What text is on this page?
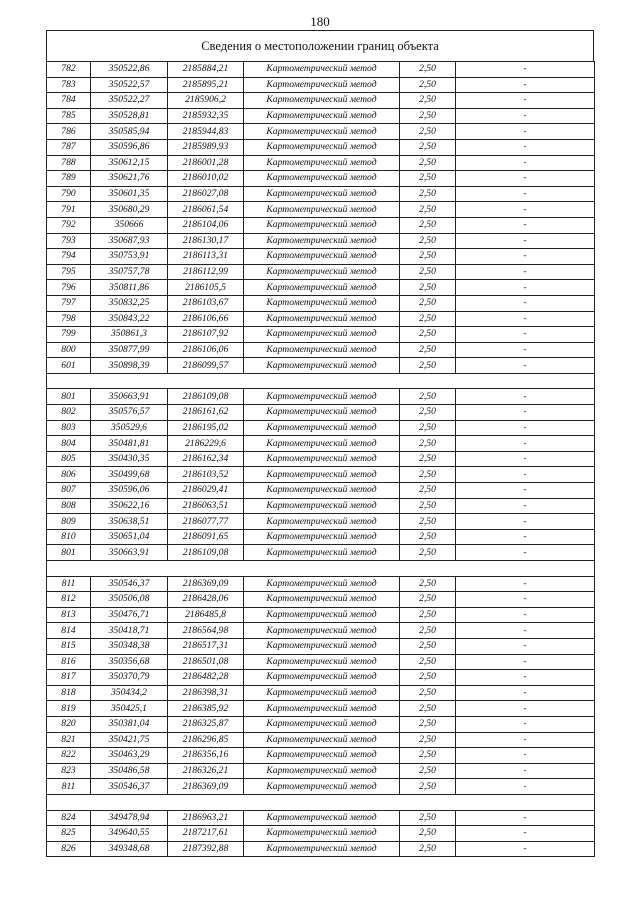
180
Сведения о местоположении границ объекта
782	350522,86	2185884,21	Картометрический метод	2,50	-
783	350522,57	2185895,21	Картометрический метод	2,50	-
784	350522,27	2185906,2	Картометрический метод	2,50	-
785	350528,81	2185932,35	Картометрический метод	2,50	-
786	350585,94	2185944,83	Картометрический метод	2,50	-
787	350596,86	2185989,93	Картометрический метод	2,50	-
788	350612,15	2186001,28	Картометрический метод	2,50	-
789	350621,76	2186010,02	Картометрический метод	2,50	-
790	350601,35	2186027,08	Картометрический метод	2,50	-
791	350680,29	2186061,54	Картометрический метод	2,50	-
792	350666	2186104,06	Картометрический метод	2,50	-
793	350687,93	2186130,17	Картометрический метод	2,50	-
794	350753,91	2186113,31	Картометрический метод	2,50	-
795	350757,78	2186112,99	Картометрический метод	2,50	-
796	350811,86	2186105,5	Картометрический метод	2,50	-
797	350832,25	2186103,67	Картометрический метод	2,50	-
798	350843,22	2186106,66	Картометрический метод	2,50	-
799	350861,3	2186107,92	Картометрический метод	2,50	-
800	350877,99	2186106,06	Картометрический метод	2,50	-
601	350898,39	2186099,57	Картометрический метод	2,50	-

801	350663,91	2186109,08	Картометрический метод	2,50	-
802	350576,57	2186161,62	Картометрический метод	2,50	-
803	350529,6	2186195,02	Картометрический метод	2,50	-
804	350481,81	2186229,6	Картометрический метод	2,50	-
805	350430,35	2186162,34	Картометрический метод	2,50	-
806	350499,68	2186103,52	Картометрический метод	2,50	-
807	350596,06	2186029,41	Картометрический метод	2,50	-
808	350622,16	2186063,51	Картометрический метод	2,50	-
809	350638,51	2186077,77	Картометрический метод	2,50	-
810	350651,04	2186091,65	Картометрический метод	2,50	-
801	350663,91	2186109,08	Картометрический метод	2,50	-

811	350546,37	2186369,09	Картометрический метод	2,50	-
812	350506,08	2186428,06	Картометрический метод	2,50	-
813	350476,71	2186485,8	Картометрический метод	2,50	-
814	350418,71	2186564,98	Картометрический метод	2,50	-
815	350348,38	2186517,31	Картометрический метод	2,50	-
816	350356,68	2186501,08	Картометрический метод	2,50	-
817	350370,79	2186482,28	Картометрический метод	2,50	-
818	350434,2	2186398,31	Картометрический метод	2,50	-
819	350425,1	2186385,92	Картометрический метод	2,50	-
820	350381,04	2186325,87	Картометрический метод	2,50	-
821	350421,75	2186296,85	Картометрический метод	2,50	-
822	350463,29	2186356,16	Картометрический метод	2,50	-
823	350486,58	2186326,21	Картометрический метод	2,50	-
811	350546,37	2186369,09	Картометрический метод	2,50	-

824	349478,94	2186963,21	Картометрический метод	2,50	-
825	349640,55	2187217,61	Картометрический метод	2,50	-
826	349348,68	2187392,88	Картометрический метод	2,50	-
